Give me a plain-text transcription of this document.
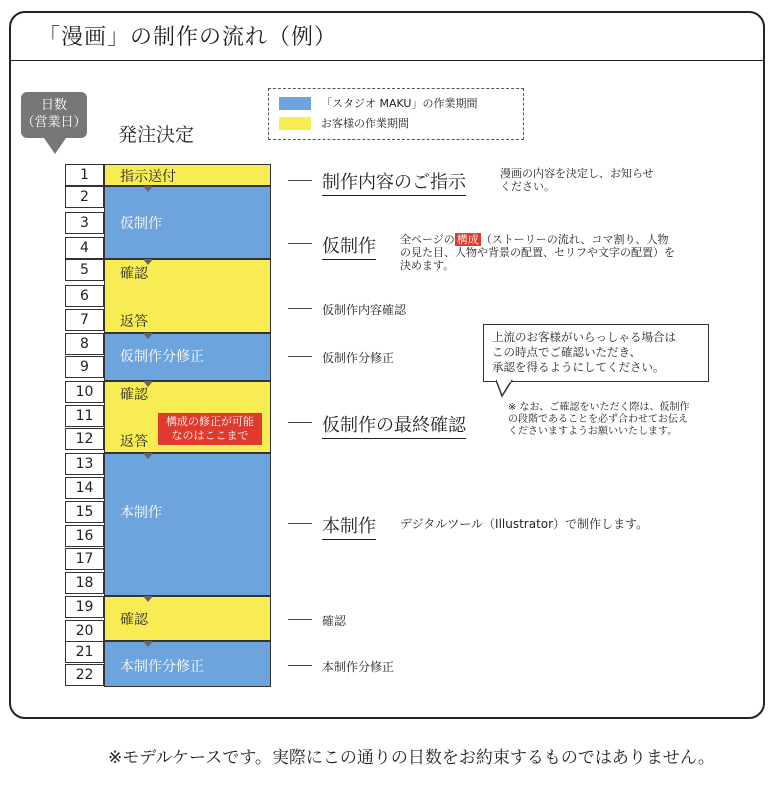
「漫画」の制作の流れ（例）
「スタジオ MAKU」の作業期間
お客様の作業期間
日数
（営業日）
発注決定
1
2
3
4
5
6
7
8
9
10
11
12
13
14
15
16
17
18
19
20
21
22
指示送付
仮制作
確認
返答
仮制作分修正
確認
返答
構成の修正が可能
なのはここまで
本制作
確認
本制作分修正
制作内容のご指示	漫画の内容を決定し、お知らせ
ください。
仮制作 全ページの 構成 （ストーリーの流れ、コマ割り、人物
の見た目、人物や背景の配置、セリフや文字の配置）を
決めます。
仮制作内容確認
仮制作分修正
上流のお客様がいらっしゃる場合は
この時点でご確認いただき、
承認を得るようにしてください。
仮制作の最終確認
※ なお、ご確認をいただく際は、仮制作
の段階であることを必ず合わせてお伝え
くださいますようお願いいたします。
本制作 デジタルツール（Illustrator）で制作します。
確認
本制作分修正
※モデルケースです。実際にこの通りの日数をお約束するものではありません。
